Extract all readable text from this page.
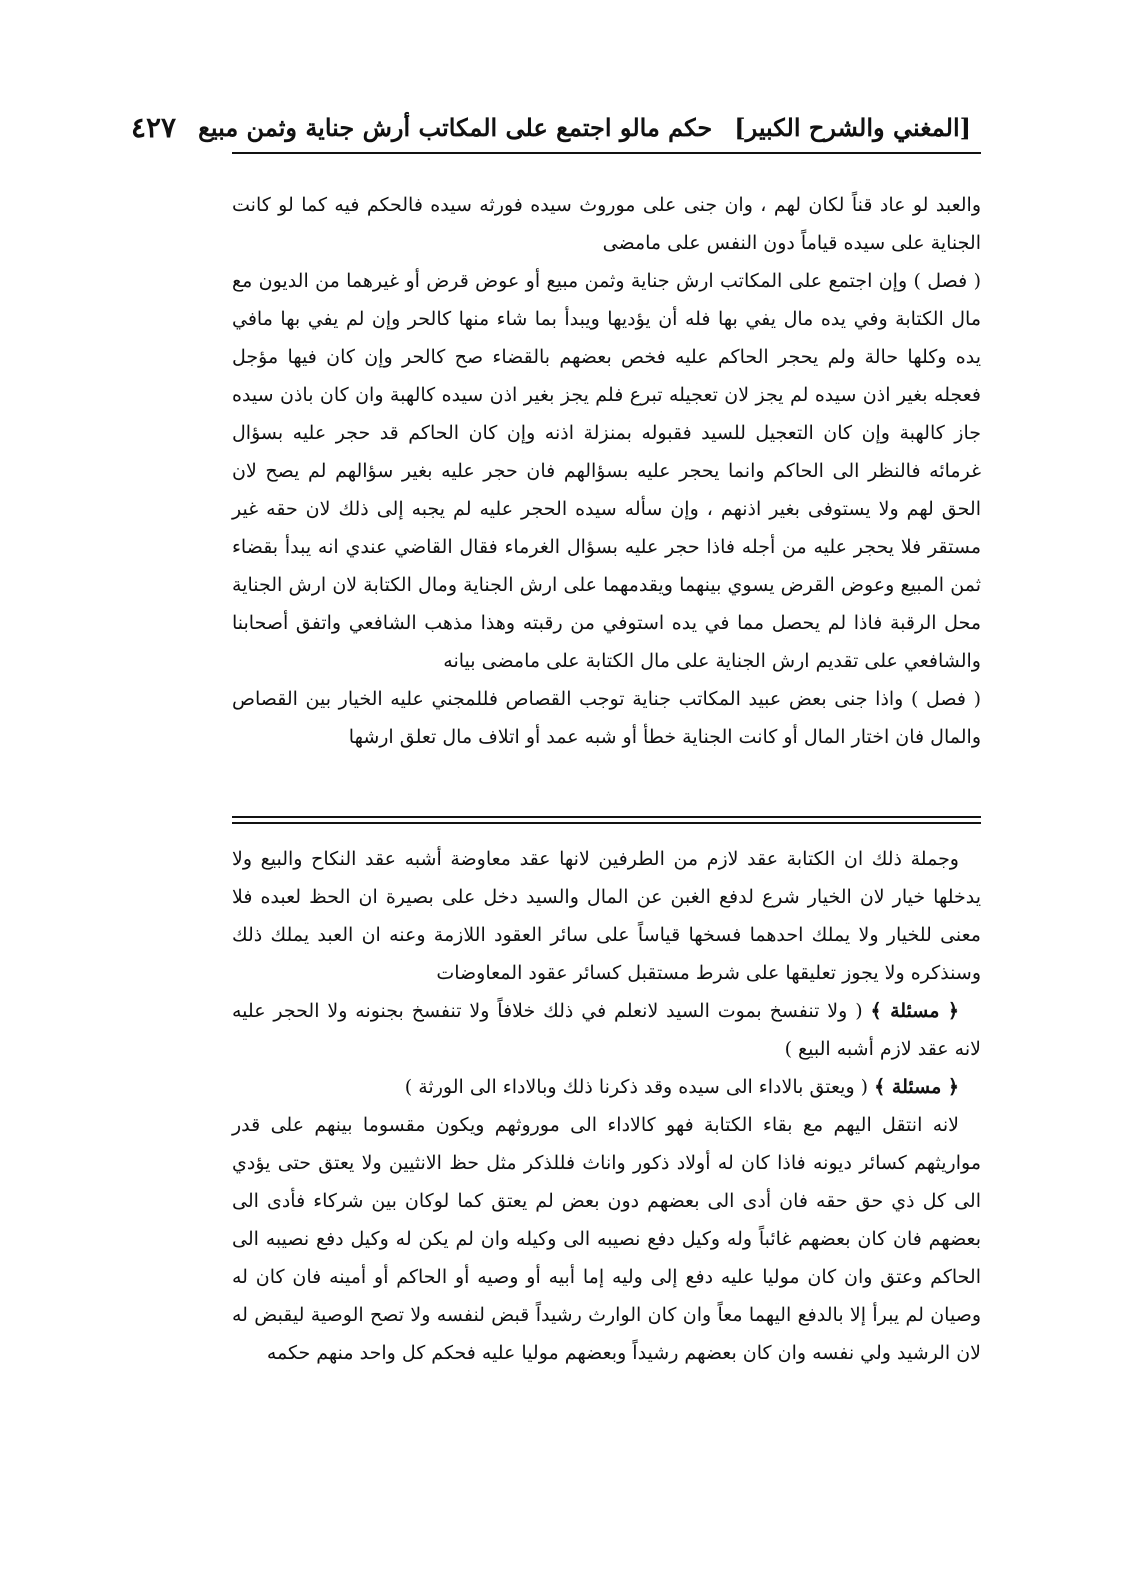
[المغني والشرح الكبير]
حكم مالو اجتمع على المكاتب أرش جناية وثمن مبيع
٤٢٧

والعبد لو عاد قناً لكان لهم ، وان جنى على موروث سيده فورثه سيده فالحكم فيه كما لو كانت الجناية على سيده قياماً دون النفس على مامضى

( فصل ) وإن اجتمع على المكاتب ارش جناية وثمن مبيع أو عوض قرض أو غيرهما من الديون مع مال الكتابة وفي يده مال يفي بها فله أن يؤديها ويبدأ بما شاء منها كالحر وإن لم يفي بها مافي يده وكلها حالة ولم يحجر الحاكم عليه فخص بعضهم بالقضاء صح كالحر وإن كان فيها مؤجل فعجله بغير اذن سيده لم يجز لان تعجيله تبرع فلم يجز بغير اذن سيده كالهبة وان كان باذن سيده جاز كالهبة وإن كان التعجيل للسيد فقبوله بمنزلة اذنه وإن كان الحاكم قد حجر عليه بسؤال غرمائه فالنظر الى الحاكم وانما يحجر عليه بسؤالهم فان حجر عليه بغير سؤالهم لم يصح لان الحق لهم ولا يستوفى بغير اذنهم ، وإن سأله سيده الحجر عليه لم يجبه إلى ذلك لان حقه غير مستقر فلا يحجر عليه من أجله فاذا حجر عليه بسؤال الغرماء فقال القاضي عندي انه يبدأ بقضاء ثمن المبيع وعوض القرض يسوي بينهما ويقدمهما على ارش الجناية ومال الكتابة لان ارش الجناية محل الرقبة فاذا لم يحصل مما في يده استوفي من رقبته وهذا مذهب الشافعي واتفق أصحابنا والشافعي على تقديم ارش الجناية على مال الكتابة على مامضى بيانه

( فصل ) واذا جنى بعض عبيد المكاتب جناية توجب القصاص فللمجني عليه الخيار بين القصاص والمال فان اختار المال أو كانت الجناية خطأ أو شبه عمد أو اتلاف مال تعلق ارشها

وجملة ذلك ان الكتابة عقد لازم من الطرفين لانها عقد معاوضة أشبه عقد النكاح والبيع ولا يدخلها خيار لان الخيار شرع لدفع الغبن عن المال والسيد دخل على بصيرة ان الحظ لعبده فلا معنى للخيار ولا يملك احدهما فسخها قياساً على سائر العقود اللازمة وعنه ان العبد يملك ذلك وسنذكره ولا يجوز تعليقها على شرط مستقبل كسائر عقود المعاوضات

﴿ مسئلة ﴾ ( ولا تنفسخ بموت السيد لانعلم في ذلك خلافاً ولا تنفسخ بجنونه ولا الحجر عليه لانه عقد لازم أشبه البيع )

﴿ مسئلة ﴾ ( ويعتق بالاداء الى سيده وقد ذكرنا ذلك وبالاداء الى الورثة )

لانه انتقل اليهم مع بقاء الكتابة فهو كالاداء الى موروثهم ويكون مقسوما بينهم على قدر مواريثهم كسائر ديونه فاذا كان له أولاد ذكور واناث فللذكر مثل حظ الانثيين ولا يعتق حتى يؤدي الى كل ذي حق حقه فان أدى الى بعضهم دون بعض لم يعتق كما لوكان بين شركاء فأدى الى بعضهم فان كان بعضهم غائباً وله وكيل دفع نصيبه الى وكيله وان لم يكن له وكيل دفع نصيبه الى الحاكم وعتق وان كان موليا عليه دفع إلى وليه إما أبيه أو وصيه أو الحاكم أو أمينه فان كان له وصيان لم يبرأ إلا بالدفع اليهما معاً وان كان الوارث رشيداً قبض لنفسه ولا تصح الوصية ليقبض له لان الرشيد ولي نفسه وان كان بعضهم رشيداً وبعضهم موليا عليه فحكم كل واحد منهم حكمه
